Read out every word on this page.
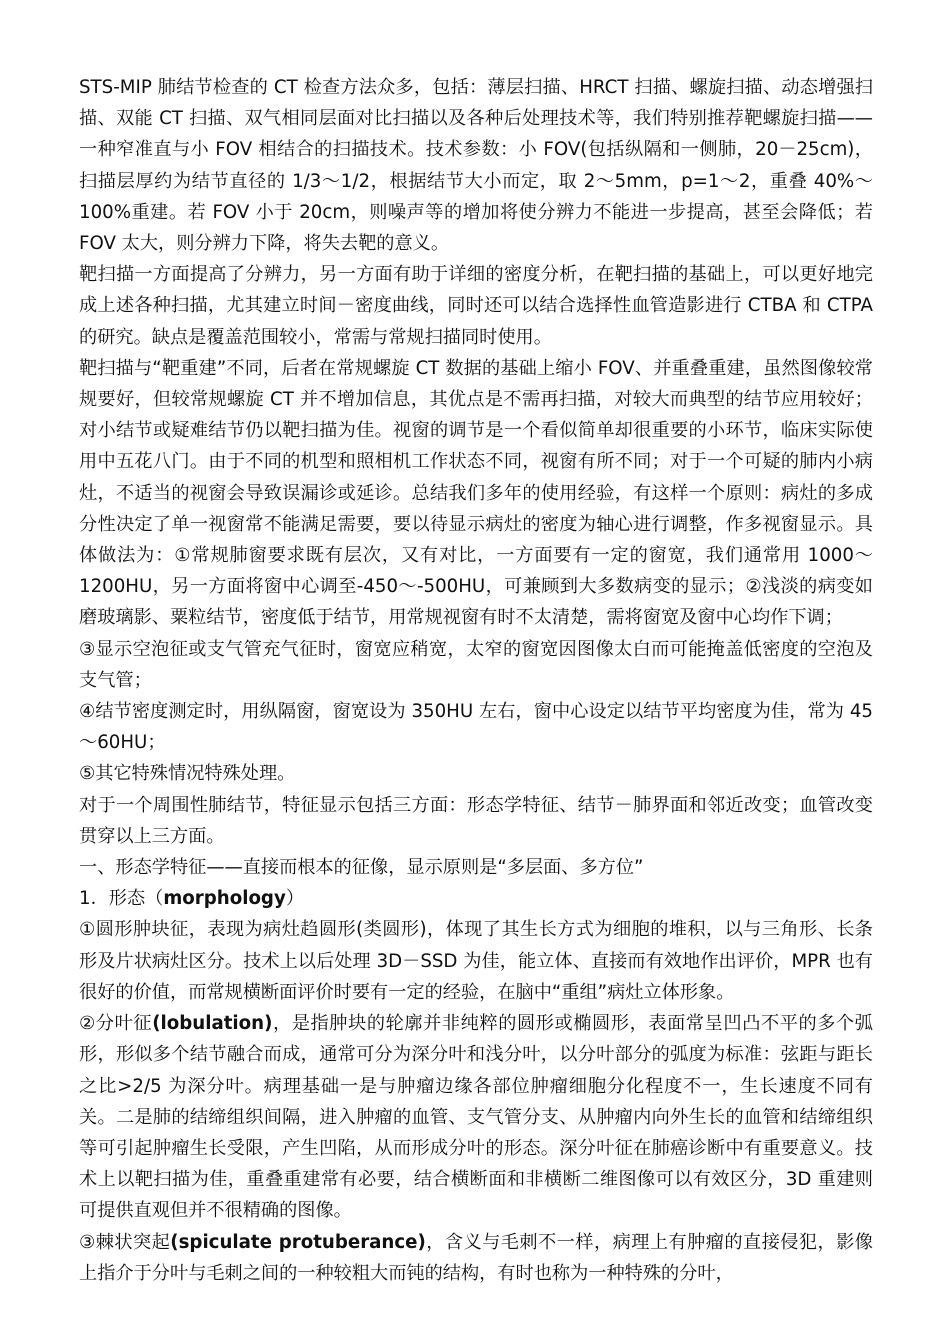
STS-MIP 肺结节检查的 CT 检查方法众多，包括：薄层扫描、HRCT 扫描、螺旋扫描、动态增强扫描、双能 CT 扫描、双气相同层面对比扫描以及各种后处理技术等，我们特别推荐靶螺旋扫描——一种窄准直与小 FOV 相结合的扫描技术。技术参数：小 FOV(包括纵隔和一侧肺，20－25cm)，扫描层厚约为结节直径的 1/3～1/2，根据结节大小而定，取 2～5mm，p=1～2，重叠 40%～100%重建。若 FOV 小于 20cm，则噪声等的增加将使分辨力不能进一步提高，甚至会降低；若 FOV 太大，则分辨力下降，将失去靶的意义。

靶扫描一方面提高了分辨力，另一方面有助于详细的密度分析，在靶扫描的基础上，可以更好地完成上述各种扫描，尤其建立时间－密度曲线，同时还可以结合选择性血管造影进行 CTBA 和 CTPA 的研究。缺点是覆盖范围较小，常需与常规扫描同时使用。

靶扫描与“靶重建”不同，后者在常规螺旋 CT 数据的基础上缩小 FOV、并重叠重建，虽然图像较常规要好，但较常规螺旋 CT 并不增加信息，其优点是不需再扫描，对较大而典型的结节应用较好；对小结节或疑难结节仍以靶扫描为佳。视窗的调节是一个看似简单却很重要的小环节，临床实际使用中五花八门。由于不同的机型和照相机工作状态不同，视窗有所不同；对于一个可疑的肺内小病灶，不适当的视窗会导致误漏诊或延诊。总结我们多年的使用经验，有这样一个原则：病灶的多成分性决定了单一视窗常不能满足需要，要以待显示病灶的密度为轴心进行调整，作多视窗显示。具体做法为：①常规肺窗要求既有层次，又有对比，一方面要有一定的窗宽，我们通常用 1000～1200HU，另一方面将窗中心调至-450～-500HU，可兼顾到大多数病变的显示；②浅淡的病变如磨玻璃影、粟粒结节，密度低于结节，用常规视窗有时不太清楚，需将窗宽及窗中心均作下调；

③显示空泡征或支气管充气征时，窗宽应稍宽，太窄的窗宽因图像太白而可能掩盖低密度的空泡及支气管；

④结节密度测定时，用纵隔窗，窗宽设为 350HU 左右，窗中心设定以结节平均密度为佳，常为 45～60HU；

⑤其它特殊情况特殊处理。

对于一个周围性肺结节，特征显示包括三方面：形态学特征、结节－肺界面和邻近改变；血管改变贯穿以上三方面。

一、形态学特征——直接而根本的征像，显示原则是“多层面、多方位”

1．形态（morphology）

①圆形肿块征，表现为病灶趋圆形(类圆形)，体现了其生长方式为细胞的堆积，以与三角形、长条形及片状病灶区分。技术上以后处理 3D－SSD 为佳，能立体、直接而有效地作出评价，MPR 也有很好的价值，而常规横断面评价时要有一定的经验，在脑中“重组”病灶立体形象。

②分叶征(lobulation)，是指肿块的轮廓并非纯粹的圆形或椭圆形，表面常呈凹凸不平的多个弧形，形似多个结节融合而成，通常可分为深分叶和浅分叶，以分叶部分的弧度为标准：弦距与距长之比>2/5 为深分叶。病理基础一是与肿瘤边缘各部位肿瘤细胞分化程度不一，生长速度不同有关。二是肺的结缔组织间隔，进入肿瘤的血管、支气管分支、从肿瘤内向外生长的血管和结缔组织等可引起肿瘤生长受限，产生凹陷，从而形成分叶的形态。深分叶征在肺癌诊断中有重要意义。技术上以靶扫描为佳，重叠重建常有必要，结合横断面和非横断二维图像可以有效区分，3D 重建则可提供直观但并不很精确的图像。

③棘状突起(spiculate protuberance)，含义与毛刺不一样，病理上有肿瘤的直接侵犯，影像上指介于分叶与毛刺之间的一种较粗大而钝的结构，有时也称为一种特殊的分叶，
